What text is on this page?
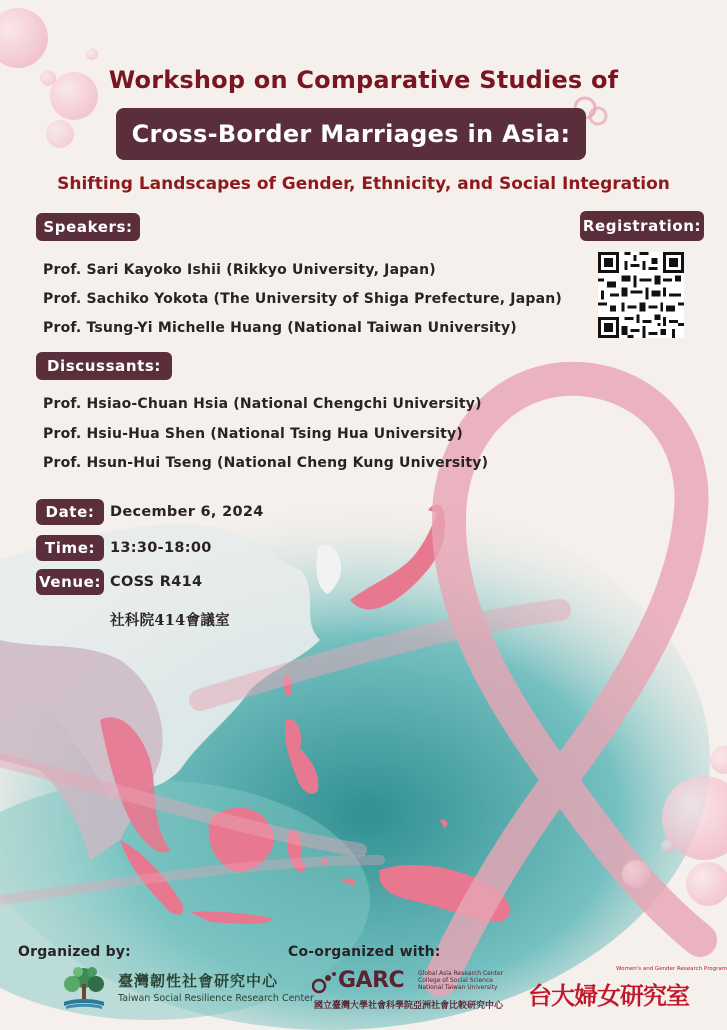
Workshop on Comparative Studies of
Cross-Border Marriages in Asia:
Shifting Landscapes of Gender, Ethnicity, and Social Integration
Speakers:
Prof. Sari Kayoko Ishii (Rikkyo University, Japan)
Prof. Sachiko Yokota (The University of Shiga Prefecture, Japan)
Prof. Tsung-Yi Michelle Huang (National Taiwan University)
Registration:
Discussants:
Prof. Hsiao-Chuan Hsia (National Chengchi University)
Prof. Hsiu-Hua Shen (National Tsing Hua University)
Prof. Hsun-Hui Tseng (National Cheng Kung University)
Date:	December 6, 2024
Time:	13:30-18:00
Venue: COSS R414
社科院414會議室
Organized by:	Co-organized with:
臺灣韌性社會研究中心
Taiwan Social Resilience Research Center
GARC Global Asia Research Center
College of Social Science
National Taiwan University
國立臺灣大學社會科學院亞洲社會比較研究中心
Women's and Gender Research Program
台大婦女研究室
